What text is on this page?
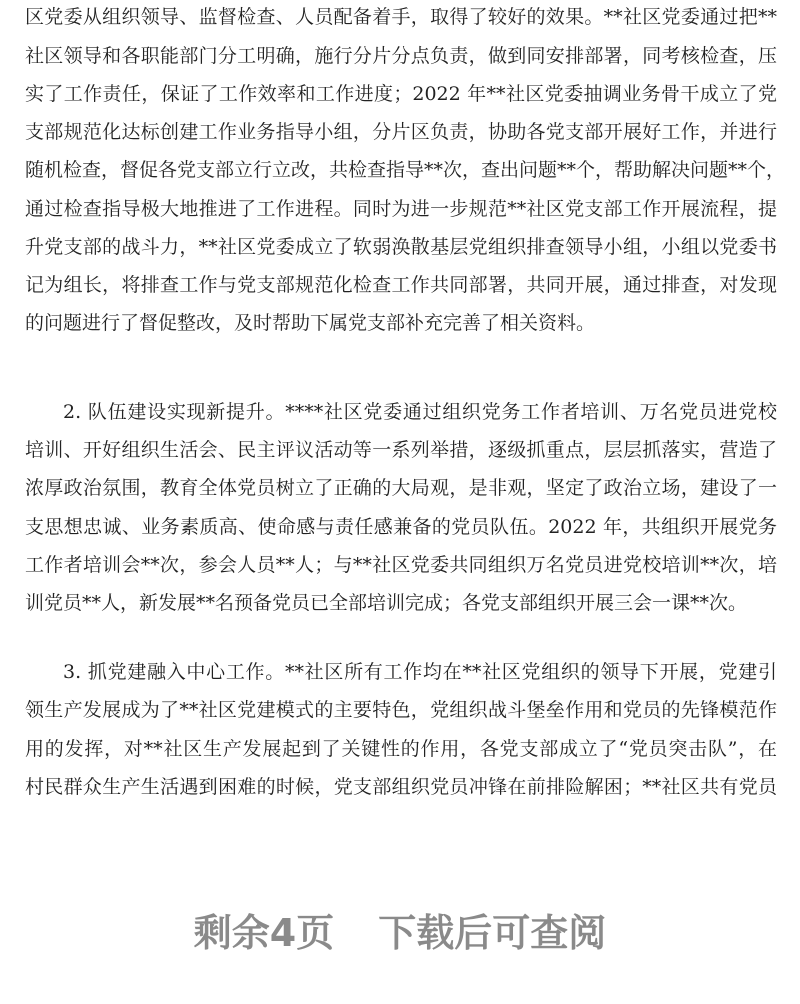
区党委从组织领导、监督检查、人员配备着手，取得了较好的效果。**社区党委通过把**
社区领导和各职能部门分工明确，施行分片分点负责，做到同安排部署，同考核检查，压
实了工作责任，保证了工作效率和工作进度；2022 年**社区党委抽调业务骨干成立了党
支部规范化达标创建工作业务指导小组，分片区负责，协助各党支部开展好工作，并进行
随机检查，督促各党支部立行立改，共检查指导**次，查出问题**个，帮助解决问题**个，
通过检查指导极大地推进了工作进程。同时为进一步规范**社区党支部工作开展流程，提
升党支部的战斗力，**社区党委成立了软弱涣散基层党组织排查领导小组，小组以党委书
记为组长，将排查工作与党支部规范化检查工作共同部署，共同开展，通过排查，对发现
的问题进行了督促整改，及时帮助下属党支部补充完善了相关资料。
2. 队伍建设实现新提升。****社区党委通过组织党务工作者培训、万名党员进党校
培训、开好组织生活会、民主评议活动等一系列举措，逐级抓重点，层层抓落实，营造了
浓厚政治氛围，教育全体党员树立了正确的大局观，是非观，坚定了政治立场，建设了一
支思想忠诚、业务素质高、使命感与责任感兼备的党员队伍。2022 年，共组织开展党务
工作者培训会**次，参会人员**人；与**社区党委共同组织万名党员进党校培训**次，培
训党员**人，新发展**名预备党员已全部培训完成；各党支部组织开展三会一课**次。
3. 抓党建融入中心工作。**社区所有工作均在**社区党组织的领导下开展，党建引
领生产发展成为了**社区党建模式的主要特色，党组织战斗堡垒作用和党员的先锋模范作
用的发挥，对**社区生产发展起到了关键性的作用，各党支部成立了“党员突击队”，在
村民群众生产生活遇到困难的时候，党支部组织党员冲锋在前排险解困；**社区共有党员
剩余4页 下载后可查阅
